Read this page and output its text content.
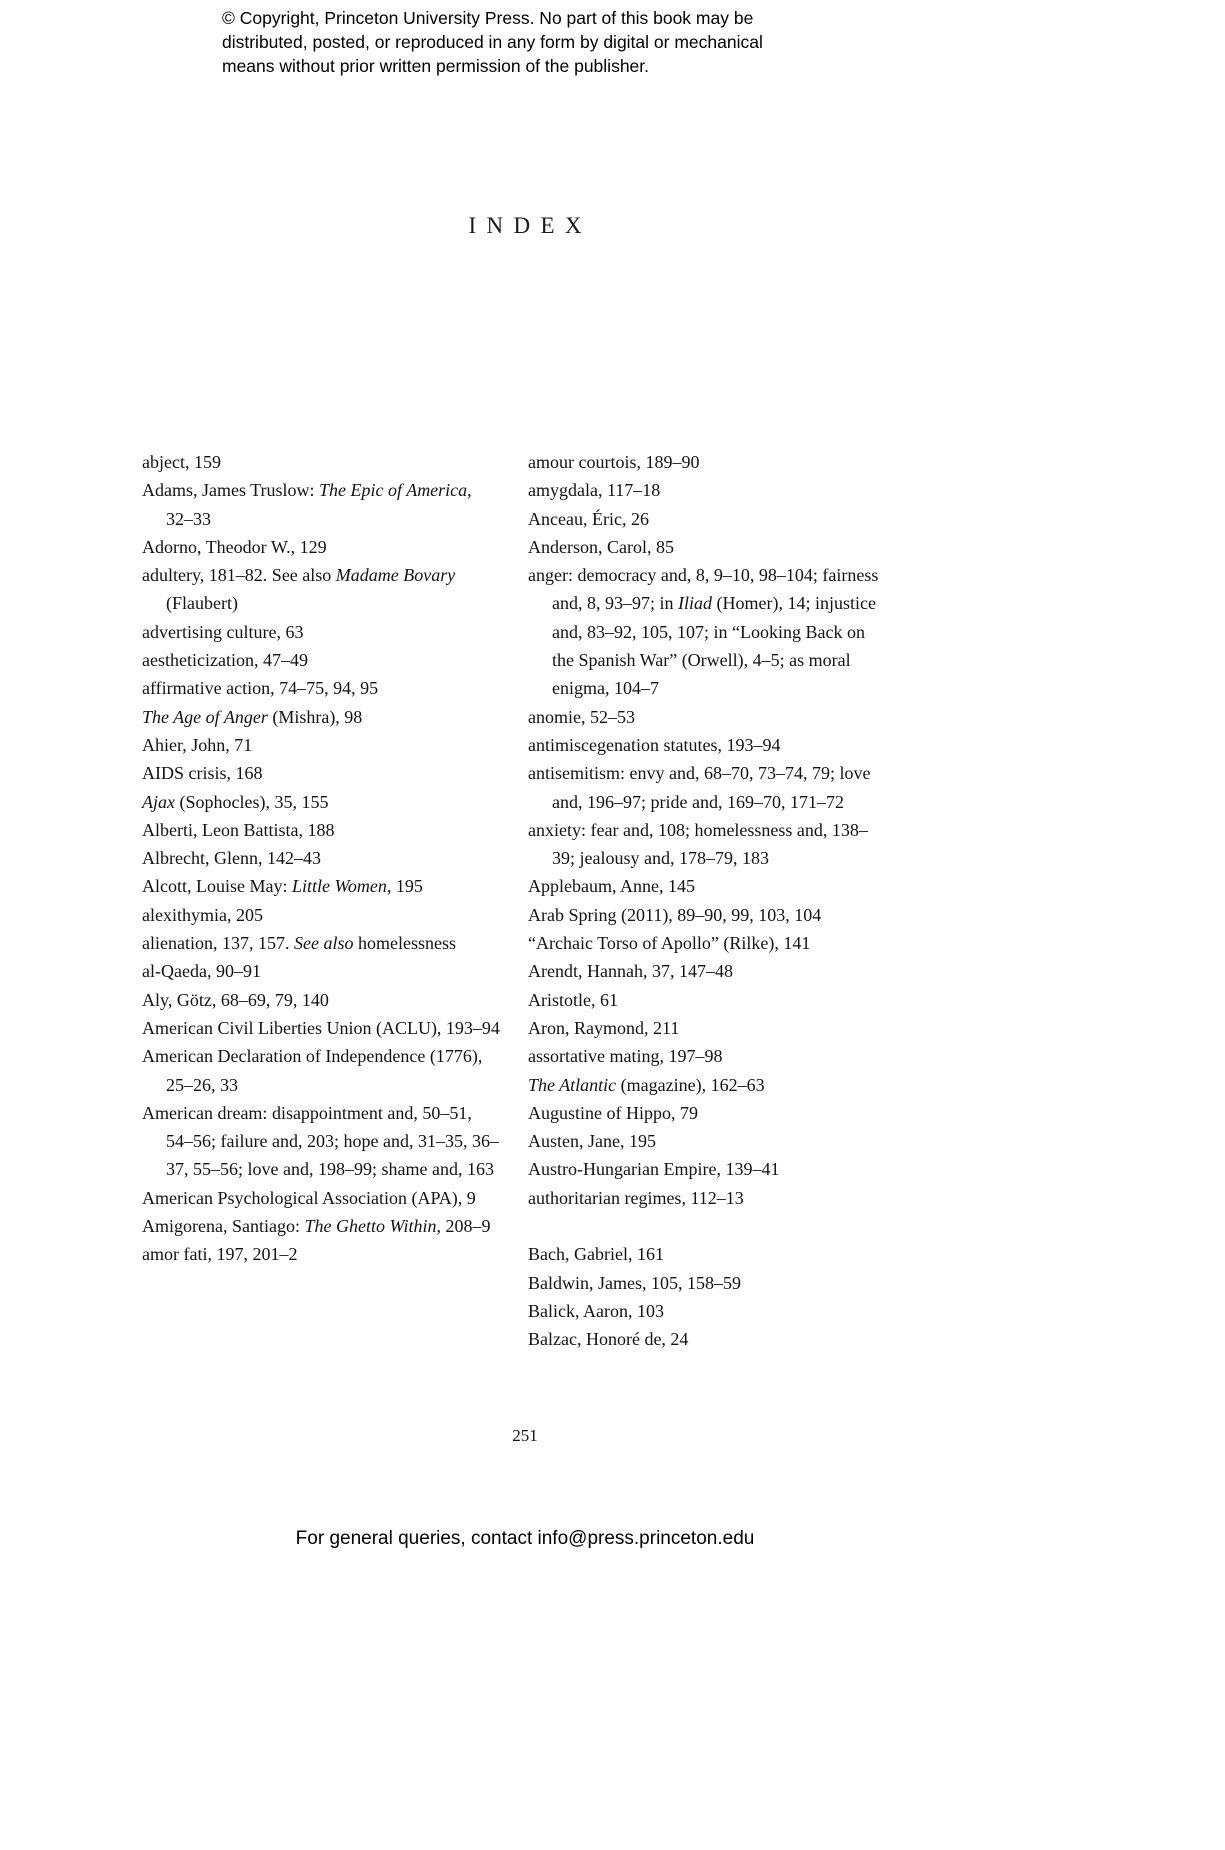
© Copyright, Princeton University Press. No part of this book may be
distributed, posted, or reproduced in any form by digital or mechanical
means without prior written permission of the publisher.
INDEX

abject, 159

Adams, James Truslow: The Epic of America, 32–33

Adorno, Theodor W., 129

adultery, 181–82. See also Madame Bovary (Flaubert)

advertising culture, 63

aestheticization, 47–49

affirmative action, 74–75, 94, 95

The Age of Anger (Mishra), 98

Ahier, John, 71

AIDS crisis, 168

Ajax (Sophocles), 35, 155

Alberti, Leon Battista, 188

Albrecht, Glenn, 142–43

Alcott, Louise May: Little Women, 195

alexithymia, 205

alienation, 137, 157. See also homelessness

al-Qaeda, 90–91

Aly, Götz, 68–69, 79, 140

American Civil Liberties Union (ACLU), 193–94

American Declaration of Independence (1776), 25–26, 33

American dream: disappointment and, 50–51, 54–56; failure and, 203; hope and, 31–35, 36–37, 55–56; love and, 198–99; shame and, 163

American Psychological Association (APA), 9

Amigorena, Santiago: The Ghetto Within, 208–9

amor fati, 197, 201–2

amour courtois, 189–90

amygdala, 117–18

Anceau, Éric, 26

Anderson, Carol, 85

anger: democracy and, 8, 9–10, 98–104; fairness and, 8, 93–97; in Iliad (Homer), 14; injustice and, 83–92, 105, 107; in “Looking Back on the Spanish War” (Orwell), 4–5; as moral enigma, 104–7

anomie, 52–53

antimiscegenation statutes, 193–94

antisemitism: envy and, 68–70, 73–74, 79; love and, 196–97; pride and, 169–70, 171–72

anxiety: fear and, 108; homelessness and, 138–39; jealousy and, 178–79, 183

Applebaum, Anne, 145

Arab Spring (2011), 89–90, 99, 103, 104

“Archaic Torso of Apollo” (Rilke), 141

Arendt, Hannah, 37, 147–48

Aristotle, 61

Aron, Raymond, 211

assortative mating, 197–98

The Atlantic (magazine), 162–63

Augustine of Hippo, 79

Austen, Jane, 195

Austro-Hungarian Empire, 139–41

authoritarian regimes, 112–13

Bach, Gabriel, 161

Baldwin, James, 105, 158–59

Balick, Aaron, 103

Balzac, Honoré de, 24

251
For general queries, contact info@press.princeton.edu
